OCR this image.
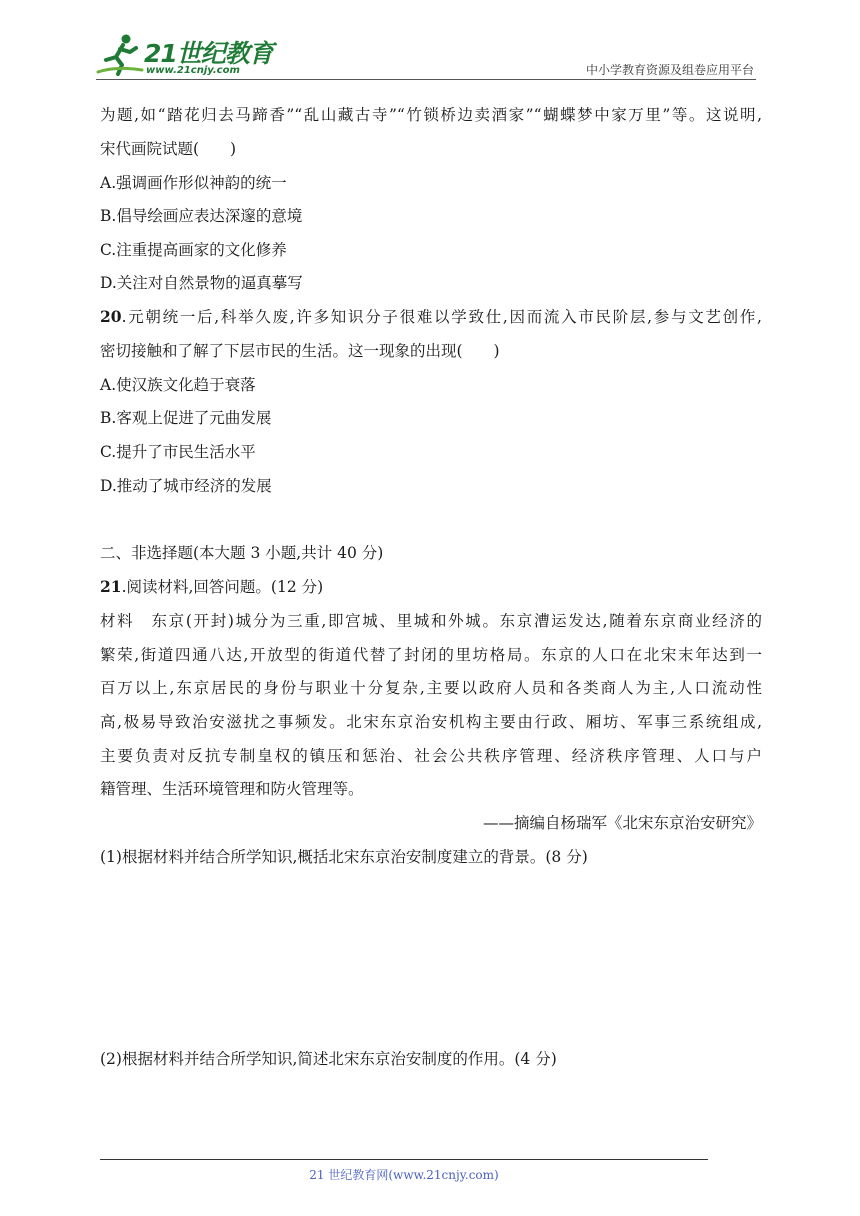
21世纪教育
www.21cnjy.com	中小学教育资源及组卷应用平台
为题,如“踏花归去马蹄香”“乱山藏古寺”“竹锁桥边卖酒家”“蝴蝶梦中家万里”等。这说明,
宋代画院试题(　　)
A.强调画作形似神韵的统一
B.倡导绘画应表达深邃的意境
C.注重提高画家的文化修养
D.关注对自然景物的逼真摹写
20.元朝统一后,科举久废,许多知识分子很难以学致仕,因而流入市民阶层,参与文艺创作,
密切接触和了解了下层市民的生活。这一现象的出现(　　)
A.使汉族文化趋于衰落
B.客观上促进了元曲发展
C.提升了市民生活水平
D.推动了城市经济的发展
二、非选择题(本大题 3 小题,共计 40 分)
21.阅读材料,回答问题。(12 分)
材料　东京(开封)城分为三重,即宫城、里城和外城。东京漕运发达,随着东京商业经济的
繁荣,街道四通八达,开放型的街道代替了封闭的里坊格局。东京的人口在北宋末年达到一
百万以上,东京居民的身份与职业十分复杂,主要以政府人员和各类商人为主,人口流动性
高,极易导致治安滋扰之事频发。北宋东京治安机构主要由行政、厢坊、军事三系统组成,
主要负责对反抗专制皇权的镇压和惩治、社会公共秩序管理、经济秩序管理、人口与户
籍管理、生活环境管理和防火管理等。
——摘编自杨瑞军《北宋东京治安研究》
(1)根据材料并结合所学知识,概括北宋东京治安制度建立的背景。(8 分)
(2)根据材料并结合所学知识,简述北宋东京治安制度的作用。(4 分)
21 世纪教育网(www.21cnjy.com)
